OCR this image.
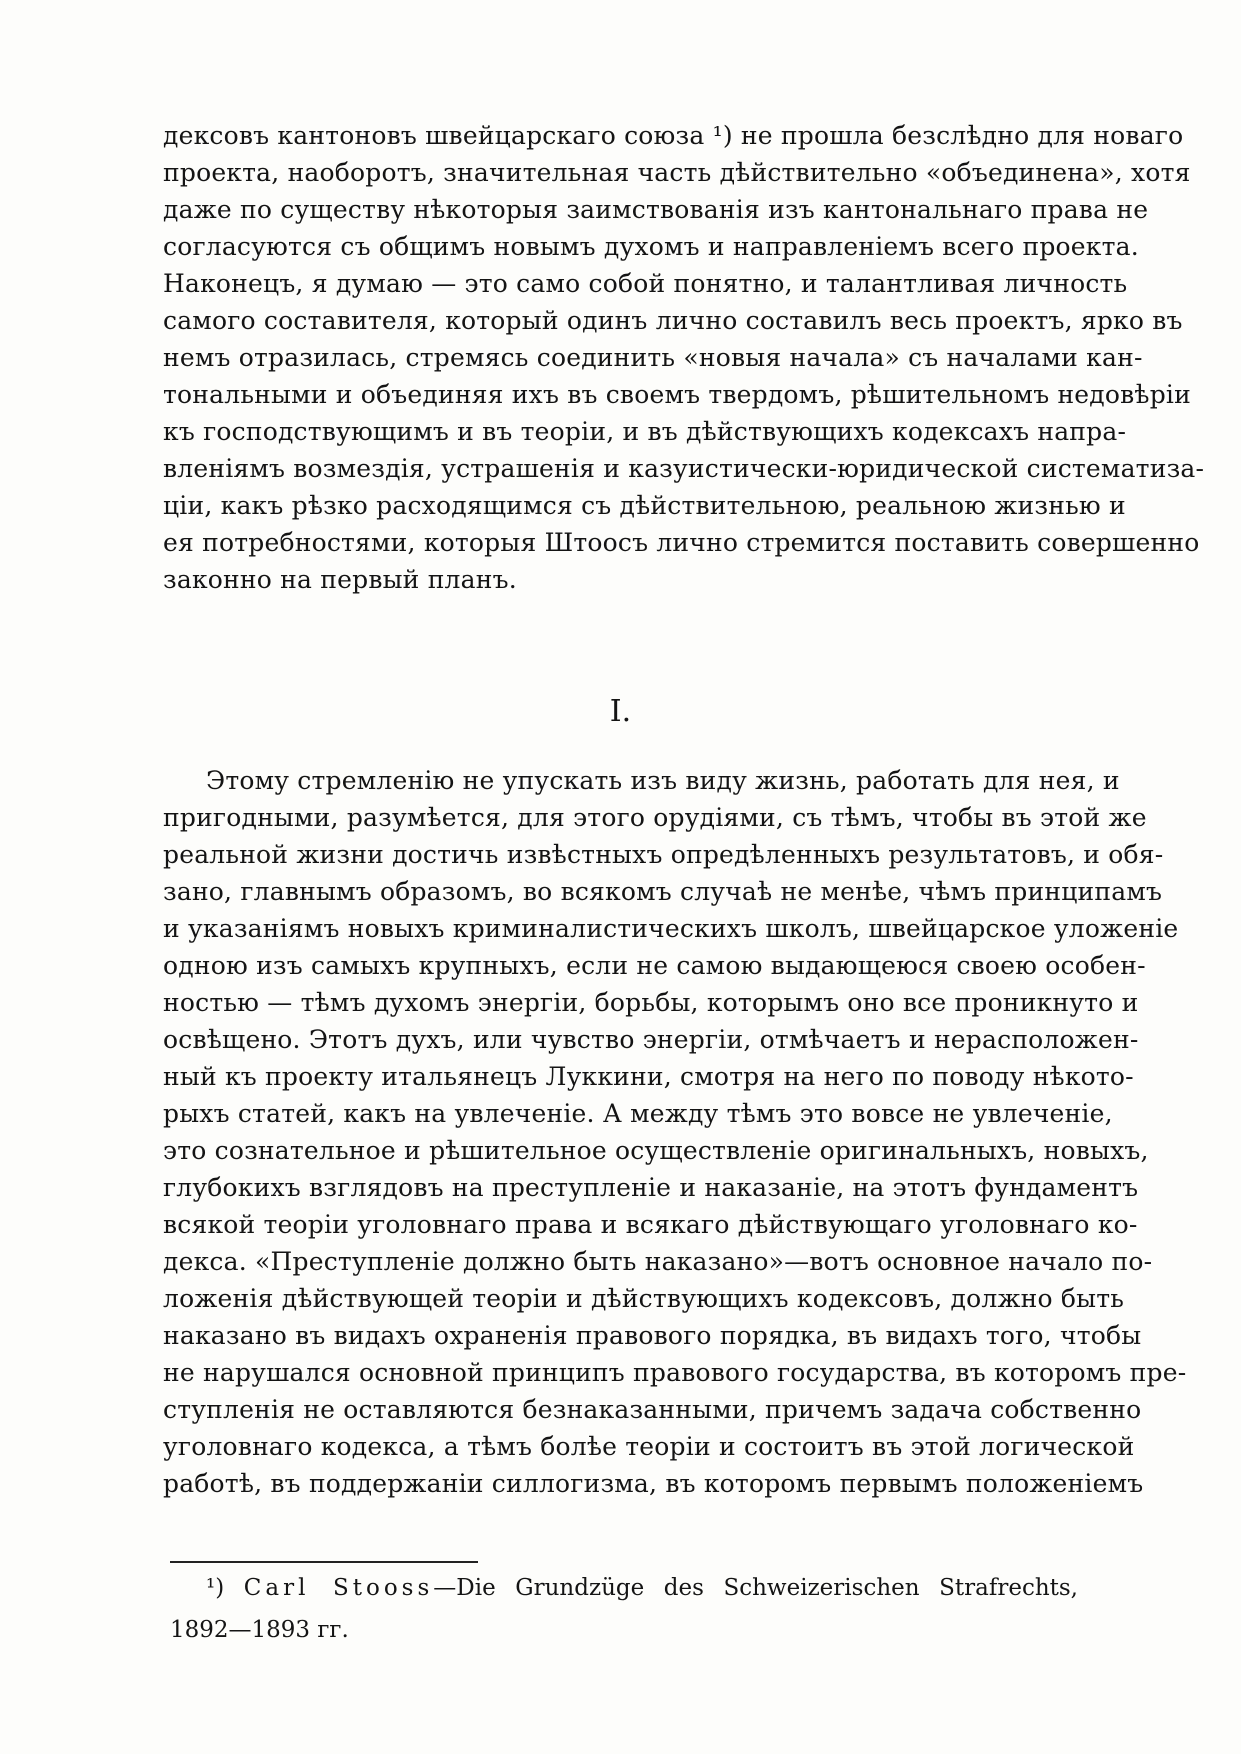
дексовъ кантоновъ швейцарскаго союза ¹) не прошла безслѣдно для новаго
проекта, наоборотъ, значительная часть дѣйствительно «объединена», хотя
даже по существу нѣкоторыя заимствованія изъ кантональнаго права не
согласуются съ общимъ новымъ духомъ и направленіемъ всего проекта.
Наконецъ, я думаю — это само собой понятно, и талантливая личность
самого составителя, который одинъ лично составилъ весь проектъ, ярко въ
немъ отразилась, стремясь соединить «новыя начала» съ началами кан-
тональными и объединяя ихъ въ своемъ твердомъ, рѣшительномъ недовѣріи
къ господствующимъ и въ теоріи, и въ дѣйствующихъ кодексахъ напра-
вленіямъ возмездія, устрашенія и казуистически-юридической систематиза-
ціи, какъ рѣзко расходящимся съ дѣйствительною, реальною жизнью и
ея потребностями, которыя Штоосъ лично стремится поставить совершенно
законно на первый планъ.
I.
Этому стремленію не упускать изъ виду жизнь, работать для нея, и
пригодными, разумѣется, для этого орудіями, съ тѣмъ, чтобы въ этой же
реальной жизни достичь извѣстныхъ опредѣленныхъ результатовъ, и обя-
зано, главнымъ образомъ, во всякомъ случаѣ не менѣе, чѣмъ принципамъ
и указаніямъ новыхъ криминалистическихъ школъ, швейцарское уложеніе
одною изъ самыхъ крупныхъ, если не самою выдающеюся своею особен-
ностью — тѣмъ духомъ энергіи, борьбы, которымъ оно все проникнуто и
освѣщено. Этотъ духъ, или чувство энергіи, отмѣчаетъ и нерасположен-
ный къ проекту итальянецъ Луккини, смотря на него по поводу нѣкото-
рыхъ статей, какъ на увлеченіе. А между тѣмъ это вовсе не увлеченіе,
это сознательное и рѣшительное осуществленіе оригинальныхъ, новыхъ,
глубокихъ взглядовъ на преступленіе и наказаніе, на этотъ фундаментъ
всякой теоріи уголовнаго права и всякаго дѣйствующаго уголовнаго ко-
декса. «Преступленіе должно быть наказано»—вотъ основное начало по-
ложенія дѣйствующей теоріи и дѣйствующихъ кодексовъ, должно быть
наказано въ видахъ охраненія правового порядка, въ видахъ того, чтобы
не нарушался основной принципъ правового государства, въ которомъ пре-
ступленія не оставляются безнаказанными, причемъ задача собственно
уголовнаго кодекса, а тѣмъ болѣе теоріи и состоитъ въ этой логической
работѣ, въ поддержаніи силлогизма, въ которомъ первымъ положеніемъ
¹) Carl Stooss—Die Grundzüge des Schweizerischen Strafrechts,
1892—1893 гг.
